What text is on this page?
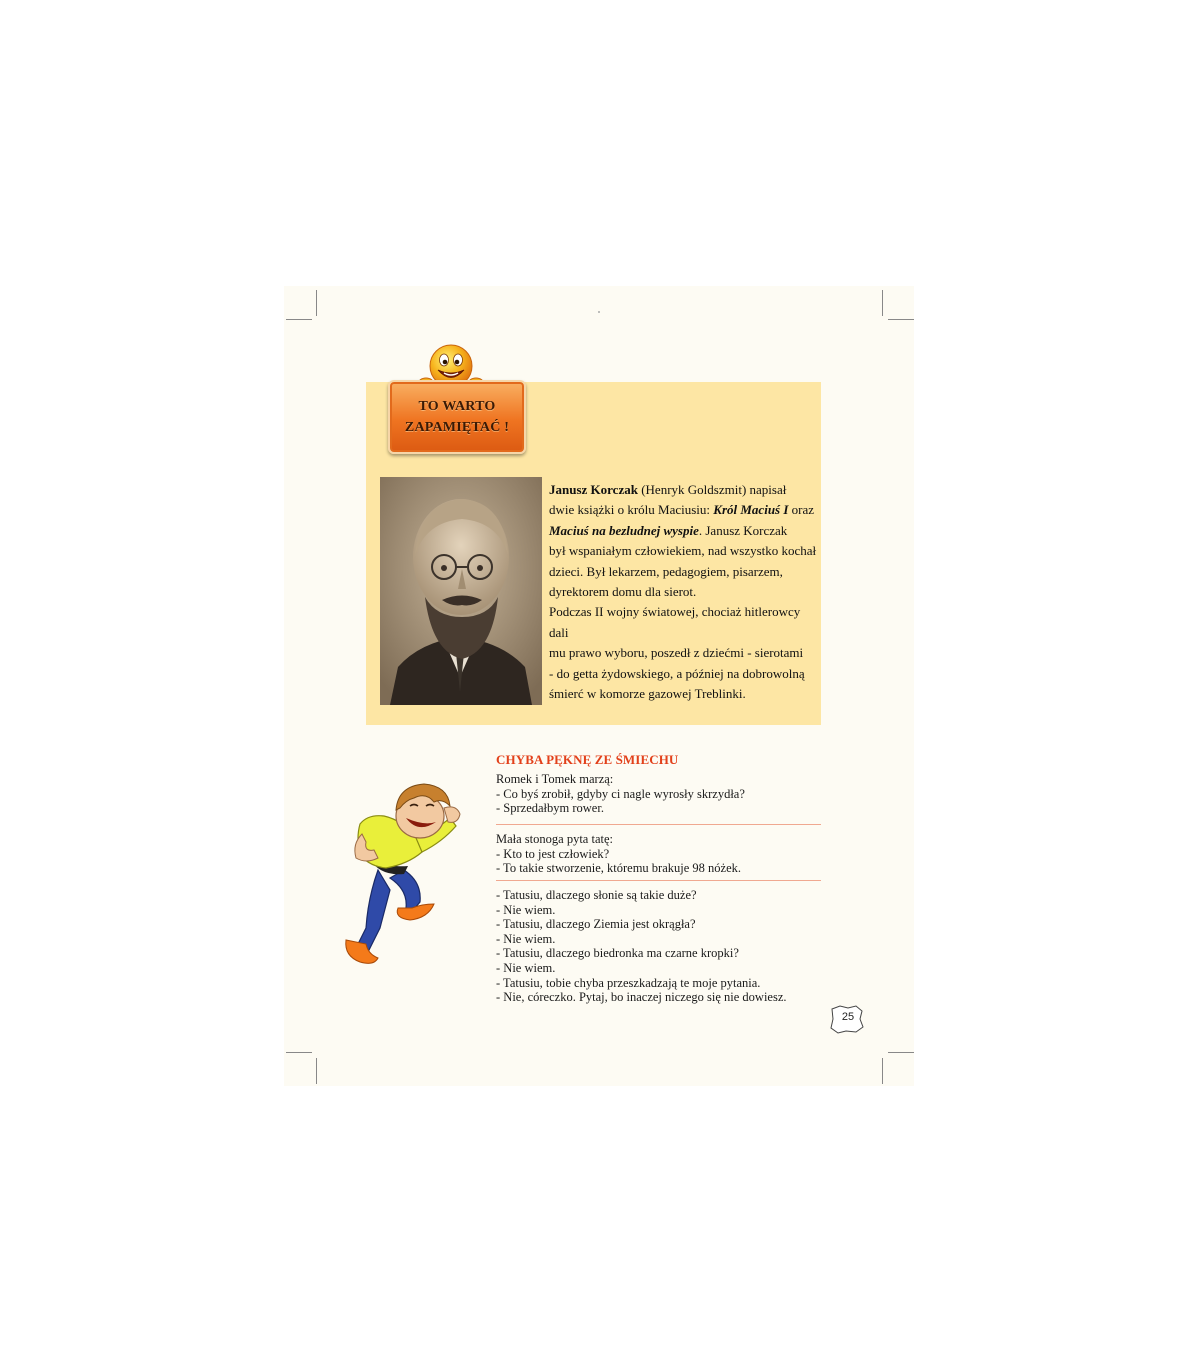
TO WARTO
ZAPAMIĘTAĆ !

Janusz Korczak (Henryk Goldszmit) napisał

dwie książki o królu Maciusiu: Król Maciuś I oraz

Maciuś na bezludnej wyspie. Janusz Korczak

był wspaniałym człowiekiem, nad wszystko kochał

dzieci. Był lekarzem, pedagogiem, pisarzem,

dyrektorem domu dla sierot.

Podczas II wojny światowej, chociaż hitlerowcy dali

mu prawo wyboru, poszedł z dziećmi - sierotami

- do getta żydowskiego, a później na dobrowolną

śmierć w komorze gazowej Treblinki.

CHYBA PĘKNĘ ZE ŚMIECHU

Romek i Tomek marzą:

- Co byś zrobił, gdyby ci nagle wyrosły skrzydła?

- Sprzedałbym rower.

Mała stonoga pyta tatę:

- Kto to jest człowiek?

- To takie stworzenie, któremu brakuje 98 nóżek.

- Tatusiu, dlaczego słonie są takie duże?

- Nie wiem.

- Tatusiu, dlaczego Ziemia jest okrągła?

- Nie wiem.

- Tatusiu, dlaczego biedronka ma czarne kropki?

- Nie wiem.

- Tatusiu, tobie chyba przeszkadzają te moje pytania.

- Nie, córeczko. Pytaj, bo inaczej niczego się nie dowiesz.

25
